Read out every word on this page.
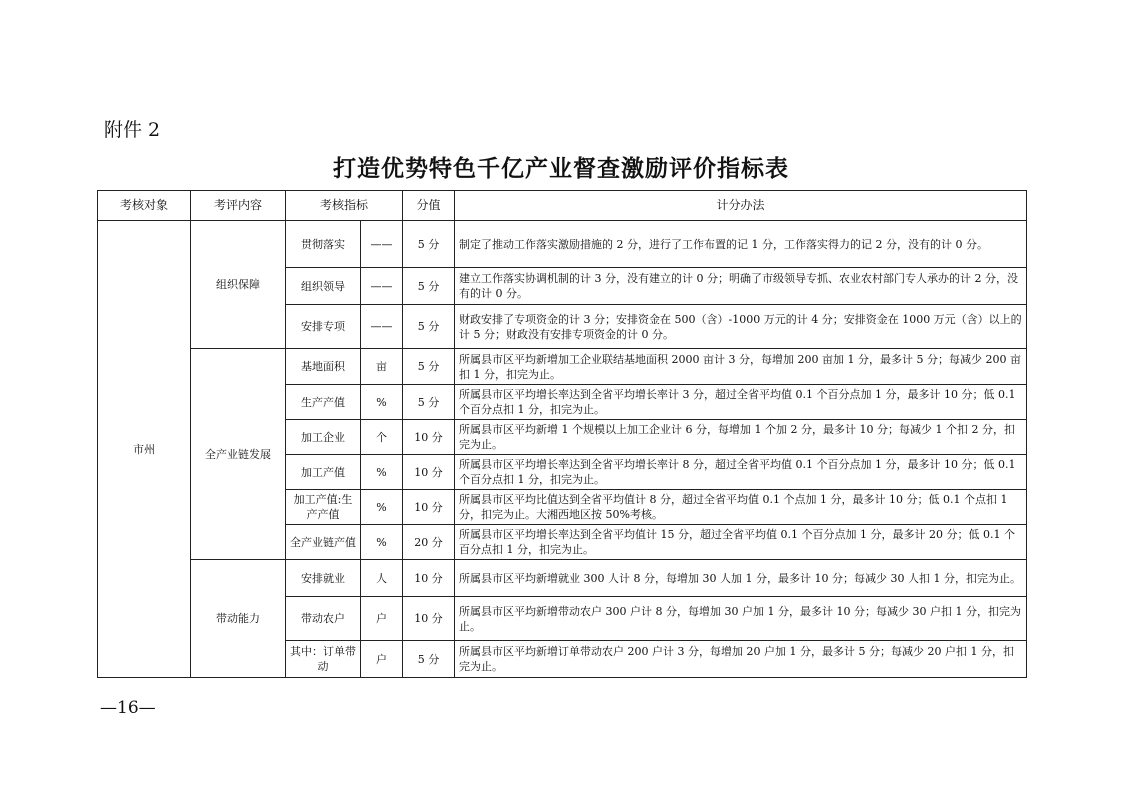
附件 2
打造优势特色千亿产业督查激励评价指标表
考核对象	考评内容	考核指标		分值	计分办法
市州	组织保障	贯彻落实	——	5 分	制定了推动工作落实激励措施的 2 分，进行了工作布置的记 1 分，工作落实得力的记 2 分，没有的计 0 分。
		组织领导	——	5 分	建立工作落实协调机制的计 3 分，没有建立的计 0 分；明确了市级领导专抓、农业农村部门专人承办的计 2 分，没有的计 0 分。
		安排专项	——	5 分	财政安排了专项资金的计 3 分；安排资金在 500（含）-1000 万元的计 4 分；安排资金在 1000 万元（含）以上的计 5 分；财政没有安排专项资金的计 0 分。
	全产业链发展	基地面积	亩	5 分	所属县市区平均新增加工企业联结基地面积 2000 亩计 3 分，每增加 200 亩加 1 分，最多计 5 分；每减少 200 亩扣 1 分，扣完为止。
		生产产值	%	5 分	所属县市区平均增长率达到全省平均增长率计 3 分，超过全省平均值 0.1 个百分点加 1 分，最多计 10 分；低 0.1 个百分点扣 1 分，扣完为止。
		加工企业	个	10 分	所属县市区平均新增 1 个规模以上加工企业计 6 分，每增加 1 个加 2 分，最多计 10 分；每减少 1 个扣 2 分，扣完为止。
		加工产值	%	10 分	所属县市区平均增长率达到全省平均增长率计 8 分，超过全省平均值 0.1 个百分点加 1 分，最多计 10 分；低 0.1 个百分点扣 1 分，扣完为止。
		加工产值:生产产值	%	10 分	所属县市区平均比值达到全省平均值计 8 分，超过全省平均值 0.1 个点加 1 分，最多计 10 分；低 0.1 个点扣 1 分，扣完为止。大湘西地区按 50%考核。
		全产业链产值	%	20 分	所属县市区平均增长率达到全省平均值计 15 分，超过全省平均值 0.1 个百分点加 1 分，最多计 20 分；低 0.1 个百分点扣 1 分，扣完为止。
	带动能力	安排就业	人	10 分	所属县市区平均新增就业 300 人计 8 分，每增加 30 人加 1 分，最多计 10 分；每减少 30 人扣 1 分，扣完为止。
		带动农户	户	10 分	所属县市区平均新增带动农户 300 户计 8 分，每增加 30 户加 1 分，最多计 10 分；每减少 30 户扣 1 分，扣完为止。
		其中：订单带动	户	5 分	所属县市区平均新增订单带动农户 200 户计 3 分，每增加 20 户加 1 分，最多计 5 分；每减少 20 户扣 1 分，扣完为止。
—16—
